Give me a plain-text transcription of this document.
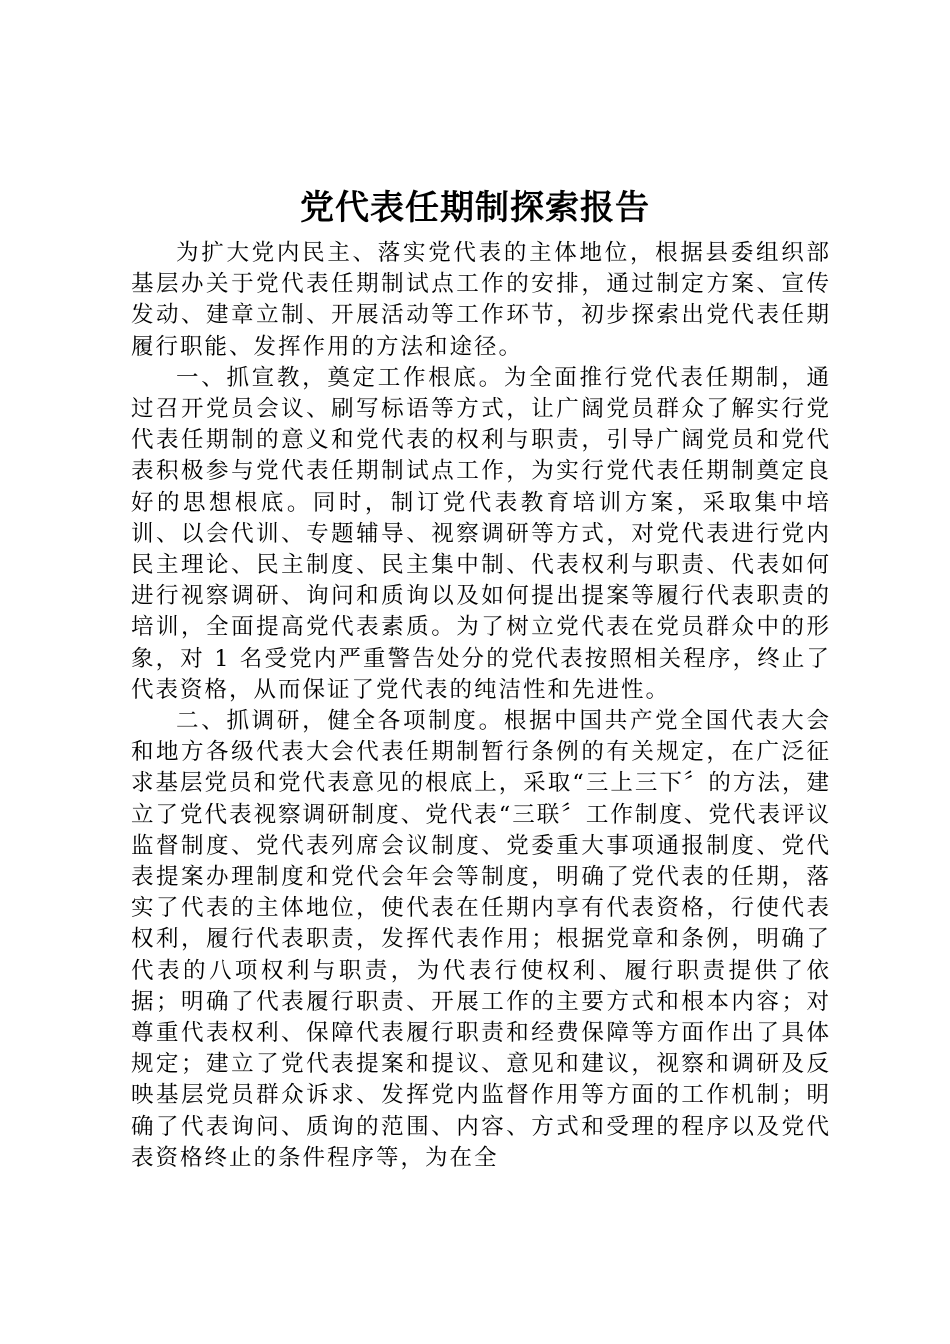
党代表任期制探索报告

为扩大党内民主、落实党代表的主体地位，根据县委组织部基层办关于党代表任期制试点工作的安排，通过制定方案、宣传发动、建章立制、开展活动等工作环节，初步探索出党代表任期履行职能、发挥作用的方法和途径。

一、抓宣教，奠定工作根底。为全面推行党代表任期制，通过召开党员会议、刷写标语等方式，让广阔党员群众了解实行党代表任期制的意义和党代表的权利与职责，引导广阔党员和党代表积极参与党代表任期制试点工作，为实行党代表任期制奠定良好的思想根底。同时，制订党代表教育培训方案，采取集中培训、以会代训、专题辅导、视察调研等方式，对党代表进行党内民主理论、民主制度、民主集中制、代表权利与职责、代表如何进行视察调研、询问和质询以及如何提出提案等履行代表职责的培训，全面提高党代表素质。为了树立党代表在党员群众中的形象，对 1 名受党内严重警告处分的党代表按照相关程序，终止了代表资格，从而保证了党代表的纯洁性和先进性。

二、抓调研，健全各项制度。根据中国共产党全国代表大会和地方各级代表大会代表任期制暂行条例的有关规定，在广泛征求基层党员和党代表意见的根底上，采取“三上三下〞的方法，建立了党代表视察调研制度、党代表“三联〞工作制度、党代表评议监督制度、党代表列席会议制度、党委重大事项通报制度、党代表提案办理制度和党代会年会等制度，明确了党代表的任期，落实了代表的主体地位，使代表在任期内享有代表资格，行使代表权利，履行代表职责，发挥代表作用；根据党章和条例，明确了代表的八项权利与职责，为代表行使权利、履行职责提供了依据；明确了代表履行职责、开展工作的主要方式和根本内容；对尊重代表权利、保障代表履行职责和经费保障等方面作出了具体规定；建立了党代表提案和提议、意见和建议，视察和调研及反映基层党员群众诉求、发挥党内监督作用等方面的工作机制；明确了代表询问、质询的范围、内容、方式和受理的程序以及党代表资格终止的条件程序等，为在全
